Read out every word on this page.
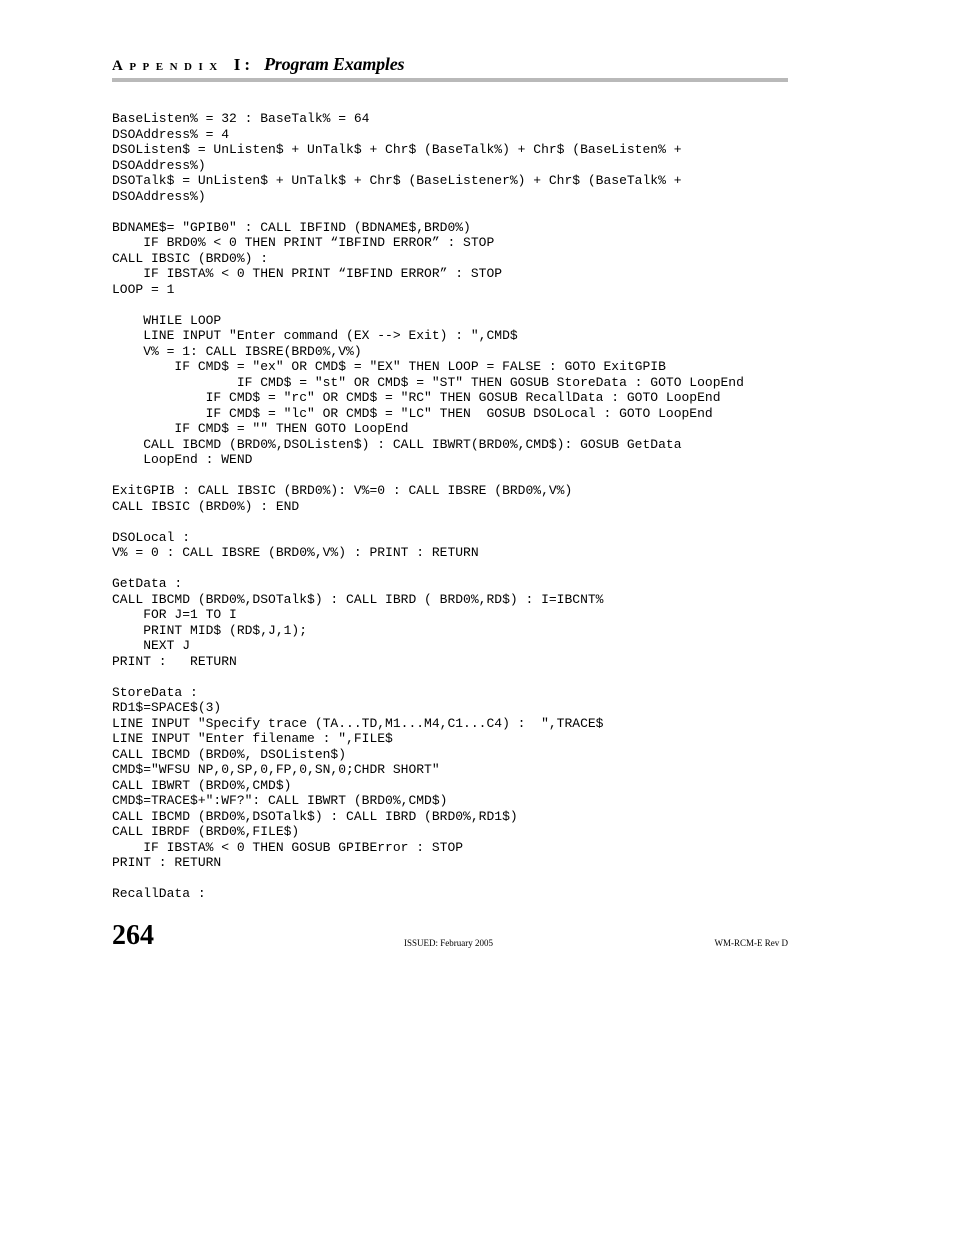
Appendix I: Program Examples
BaseListen% = 32 : BaseTalk% = 64
DSOAddress% = 4
DSOListen$ = UnListen$ + UnTalk$ + Chr$ (BaseTalk%) + Chr$ (BaseListen% +
DSOAddress%)
DSOTalk$ = UnListen$ + UnTalk$ + Chr$ (BaseListener%) + Chr$ (BaseTalk% +
DSOAddress%)

BDNAME$= "GPIB0" : CALL IBFIND (BDNAME$,BRD0%)
IF BRD0% < 0 THEN PRINT “IBFIND ERROR” : STOP
CALL IBSIC (BRD0%) :
IF IBSTA% < 0 THEN PRINT “IBFIND ERROR” : STOP
LOOP = 1

WHILE LOOP
LINE INPUT "Enter command (EX --> Exit) : ",CMD$
V% = 1: CALL IBSRE(BRD0%,V%)
IF CMD$ = "ex" OR CMD$ = "EX" THEN LOOP = FALSE : GOTO ExitGPIB
IF CMD$ = "st" OR CMD$ = "ST" THEN GOSUB StoreData : GOTO LoopEnd
IF CMD$ = "rc" OR CMD$ = "RC" THEN GOSUB RecallData : GOTO LoopEnd
IF CMD$ = "lc" OR CMD$ = "LC" THEN  GOSUB DSOLocal : GOTO LoopEnd
IF CMD$ = "" THEN GOTO LoopEnd
CALL IBCMD (BRD0%,DSOListen$) : CALL IBWRT(BRD0%,CMD$): GOSUB GetData
LoopEnd : WEND

ExitGPIB : CALL IBSIC (BRD0%): V%=0 : CALL IBSRE (BRD0%,V%)
CALL IBSIC (BRD0%) : END

DSOLocal :
V% = 0 : CALL IBSRE (BRD0%,V%) : PRINT : RETURN

GetData :
CALL IBCMD (BRD0%,DSOTalk$) : CALL IBRD ( BRD0%,RD$) : I=IBCNT%
FOR J=1 TO I
PRINT MID$ (RD$,J,1);
NEXT J
PRINT :   RETURN

StoreData :
RD1$=SPACE$(3)
LINE INPUT "Specify trace (TA...TD,M1...M4,C1...C4) :  ",TRACE$
LINE INPUT "Enter filename : ",FILE$
CALL IBCMD (BRD0%, DSOListen$)
CMD$="WFSU NP,0,SP,0,FP,0,SN,0;CHDR SHORT"
CALL IBWRT (BRD0%,CMD$)
CMD$=TRACE$+":WF?": CALL IBWRT (BRD0%,CMD$)
CALL IBCMD (BRD0%,DSOTalk$) : CALL IBRD (BRD0%,RD1$)
CALL IBRDF (BRD0%,FILE$)
IF IBSTA% < 0 THEN GOSUB GPIBError : STOP
PRINT : RETURN

RecallData :
264	ISSUED: February 2005	WM-RCM-E Rev D
